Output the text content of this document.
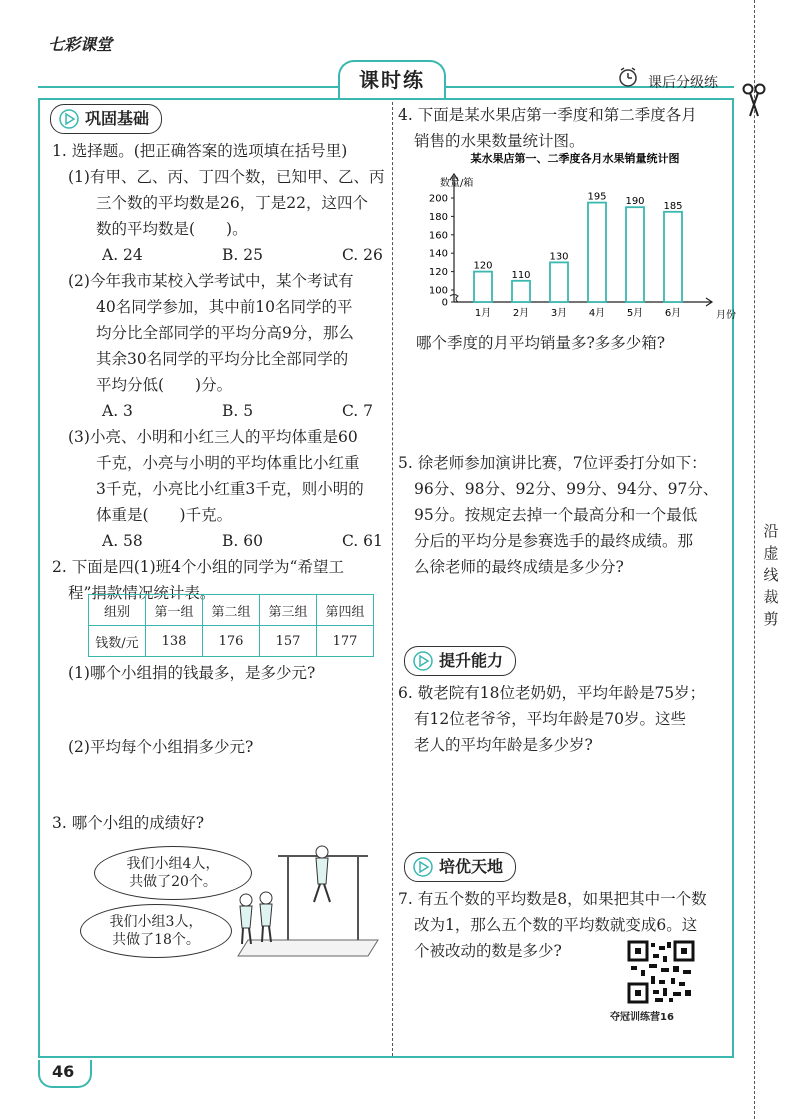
七彩课堂
课时练	课后分级练
沿虚线裁剪
巩固基础
1. 选择题。(把正确答案的选项填在括号里)
(1)有甲、乙、丙、丁四个数，已知甲、乙、丙
三个数的平均数是26，丁是22，这四个
数的平均数是(　　)。
A. 24	B. 25	C. 26
(2)今年我市某校入学考试中，某个考试有
40名同学参加，其中前10名同学的平
均分比全部同学的平均分高9分，那么
其余30名同学的平均分比全部同学的
平均分低(　　)分。
A. 3	B. 5	C. 7
(3)小亮、小明和小红三人的平均体重是60
千克，小亮与小明的平均体重比小红重
3千克，小亮比小红重3千克，则小明的
体重是(　　)千克。
A. 58	B. 60	C. 61
2. 下面是四(1)班4个小组的同学为“希望工
程”捐款情况统计表。
组别	第一组	第二组	第三组	第四组
钱数/元	138	176	157	177
(1)哪个小组捐的钱最多，是多少元?
(2)平均每个小组捐多少元?
3. 哪个小组的成绩好?
我们小组4人，
共做了20个。
我们小组3人，
共做了18个。
4. 下面是某水果店第一季度和第二季度各月
销售的水果数量统计图。
某水果店第一、二季度各月水果销量统计图
数量/箱
月份
0
100
120
140
160
180
200
120
1月
110
2月
130
3月
195
4月
190
5月
185
6月
哪个季度的月平均销量多?多多少箱?
5. 徐老师参加演讲比赛，7位评委打分如下：
96分、98分、92分、99分、94分、97分、
95分。按规定去掉一个最高分和一个最低
分后的平均分是参赛选手的最终成绩。那
么徐老师的最终成绩是多少分?
提升能力
6. 敬老院有18位老奶奶，平均年龄是75岁；
有12位老爷爷，平均年龄是70岁。这些
老人的平均年龄是多少岁?
培优天地
7. 有五个数的平均数是8，如果把其中一个数
改为1，那么五个数的平均数就变成6。这
个被改动的数是多少?
夺冠训练营16
46
